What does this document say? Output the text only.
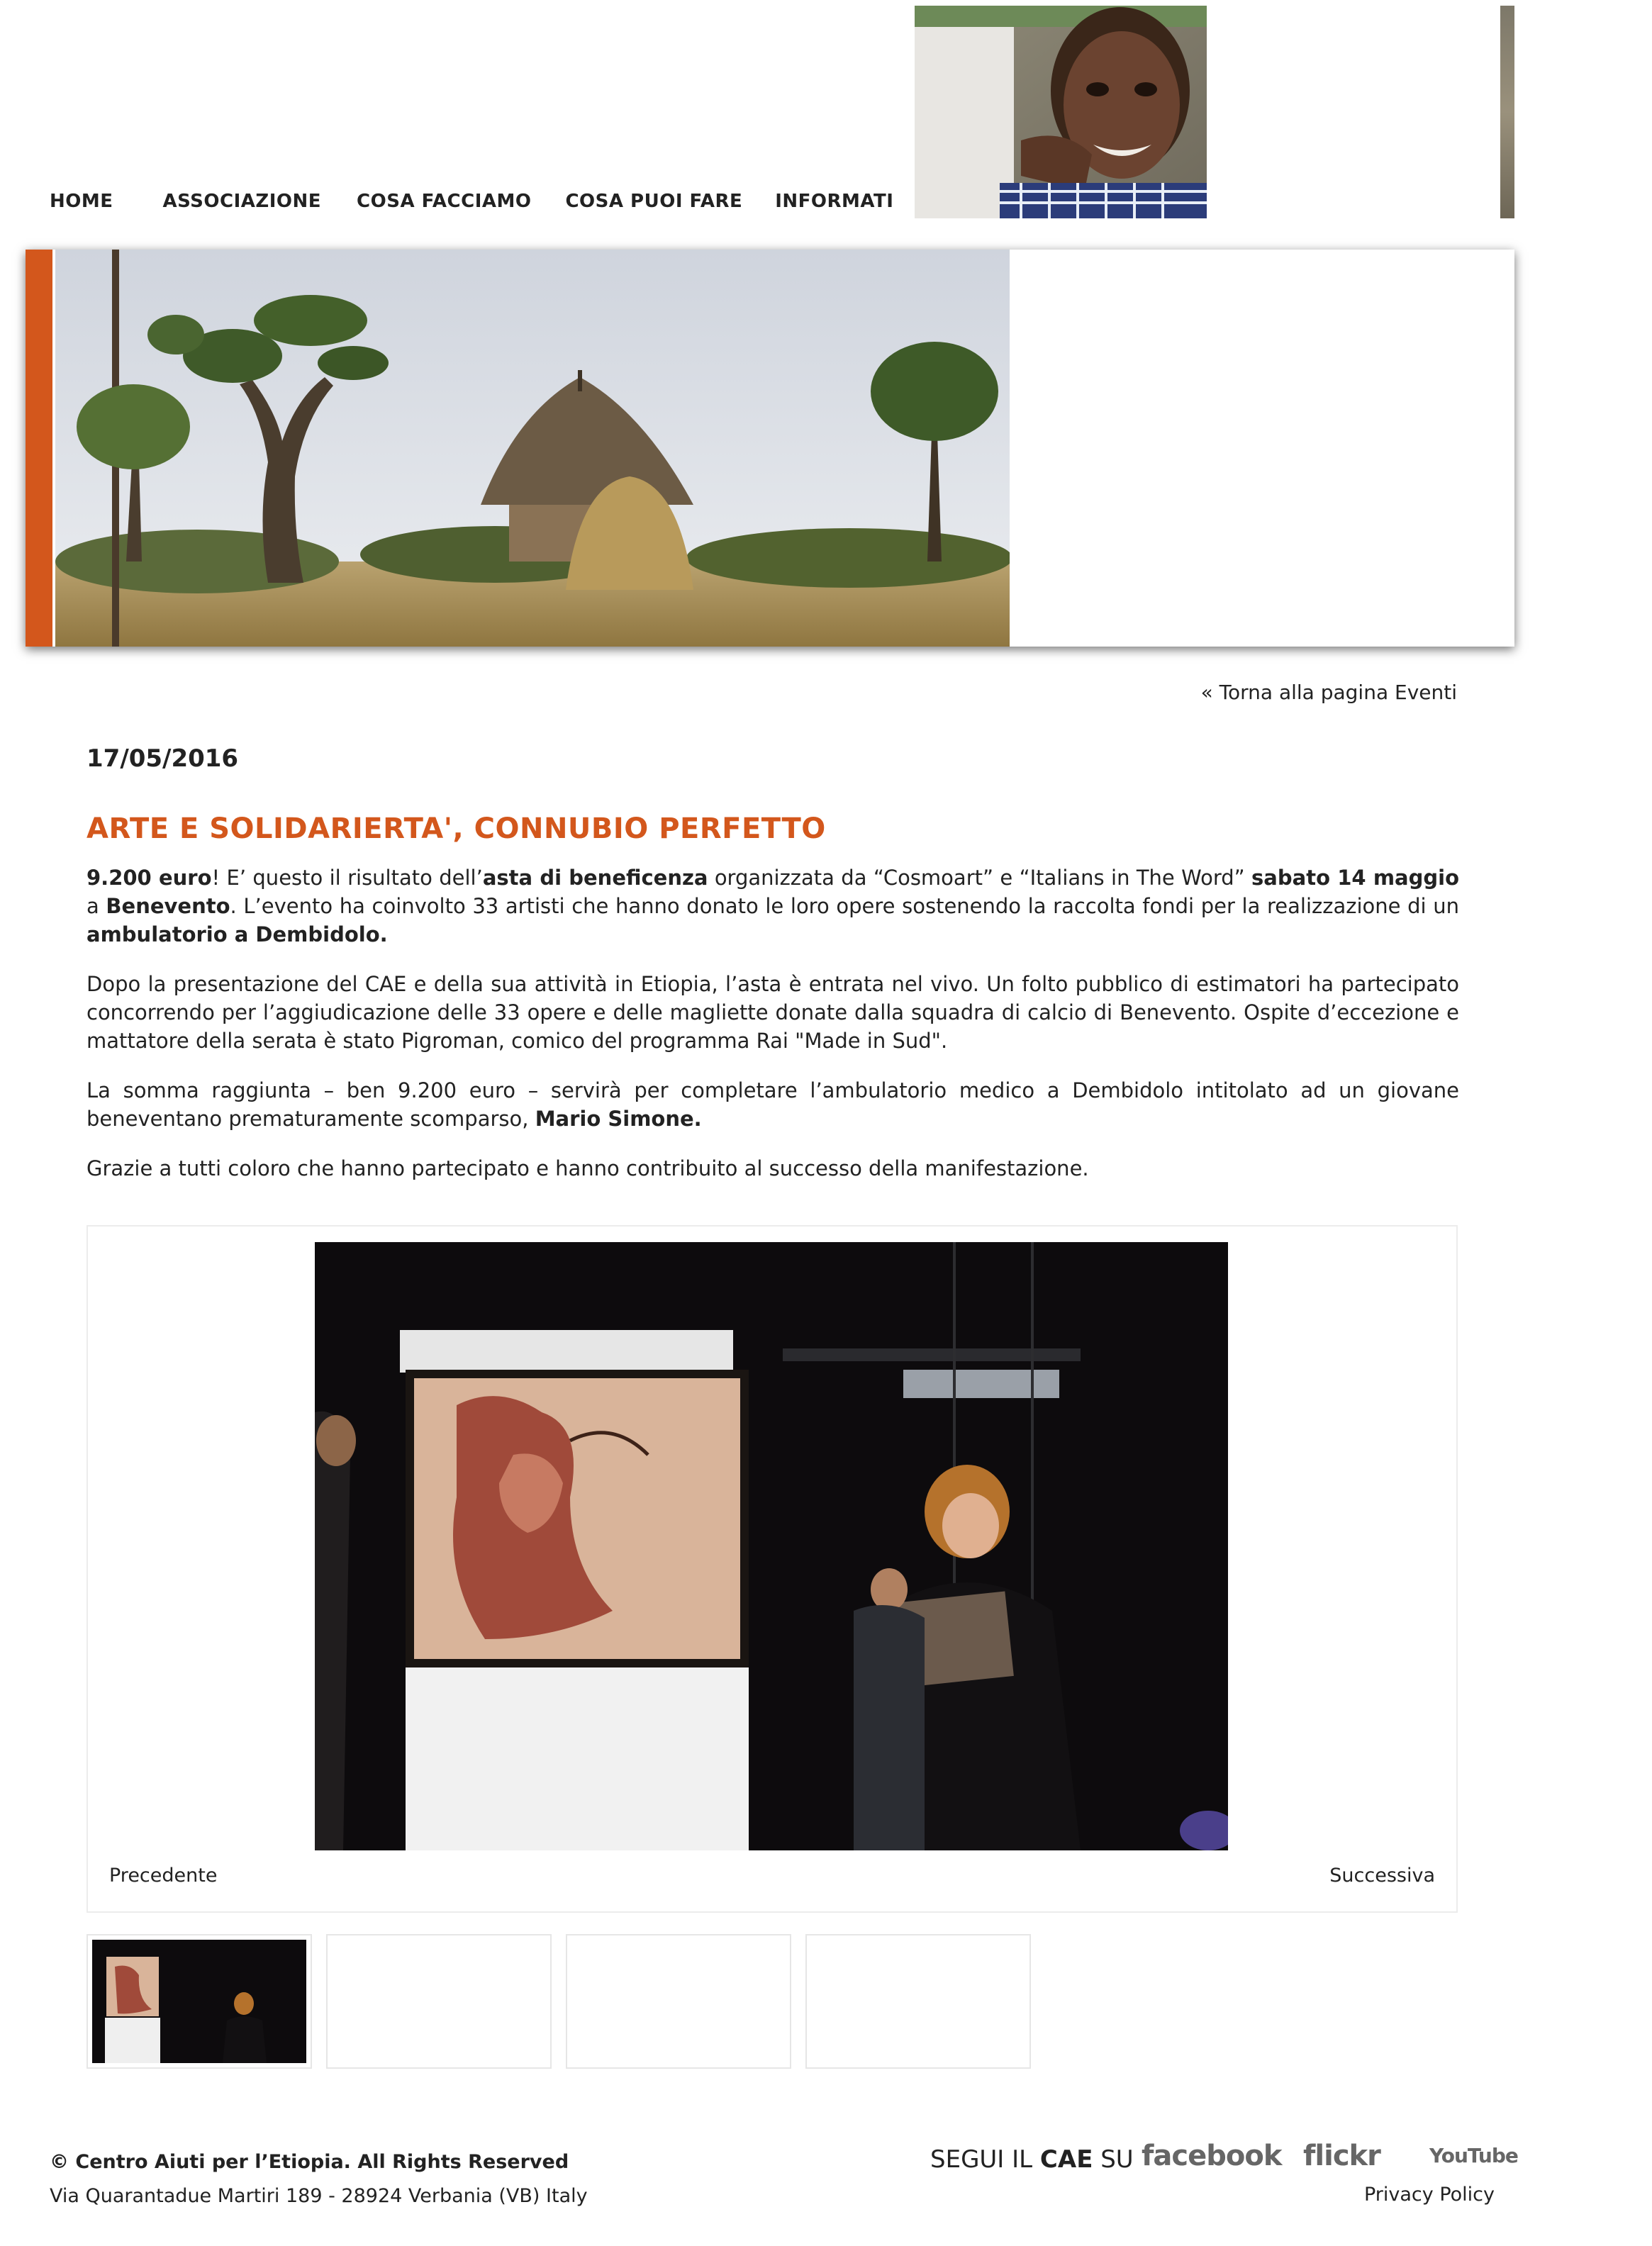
HOME	ASSOCIAZIONE COSA FACCIAMO COSA PUOI FARE INFORMATI
« Torna alla pagina Eventi
17/05/2016
ARTE E SOLIDARIERTA', CONNUBIO PERFETTO

9.200 euro! E’ questo il risultato dell’asta di beneficenza organizzata da “Cosmoart” e “Italians in The Word” sabato 14 maggio a Benevento. L’evento ha coinvolto 33 artisti che hanno donato le loro opere sostenendo la raccolta fondi per la realizzazione di un ambulatorio a Dembidolo.

Dopo la presentazione del CAE e della sua attività in Etiopia, l’asta è entrata nel vivo. Un folto pubblico di estimatori ha partecipato concorrendo per l’aggiudicazione delle 33 opere e delle magliette donate dalla squadra di calcio di Benevento. Ospite d’eccezione e mattatore della serata è stato Pigroman, comico del programma Rai "Made in Sud".

La somma raggiunta – ben 9.200 euro – servirà per completare l’ambulatorio medico a Dembidolo intitolato ad un giovane beneventano prematuramente scomparso, Mario Simone.

Grazie a tutti coloro che hanno partecipato e hanno contribuito al successo della manifestazione.

Precedente	Successiva
© Centro Aiuti per l’Etiopia. All Rights Reserved
Via Quarantadue Martiri 189 - 28924 Verbania (VB) Italy
SEGUI IL CAE SU facebook flickr YouTube
Privacy Policy
